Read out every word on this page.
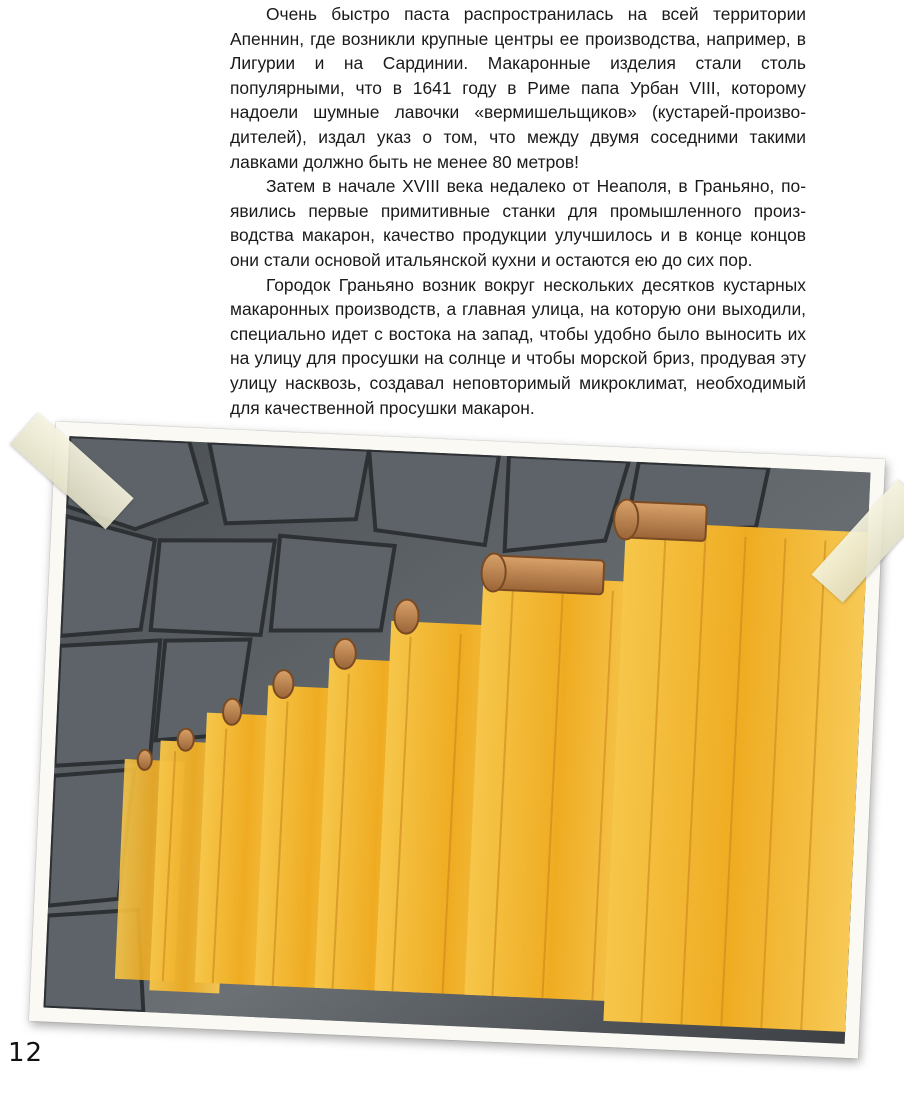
Очень быстро паста распространилась на всей территории Апеннин, где возникли крупные центры ее производства, например, в Лигурии и на Сардинии. Макаронные изделия стали столь популярными, что в 1641 году в Риме папа Урбан VIII, которому надоели шумные лавочки «вермишельщиков» (кустарей-производителей), издал указ о том, что между двумя соседними такими лавками должно быть не менее 80 метров!

Затем в начале XVIII века недалеко от Неаполя, в Граньяно, появились первые примитивные станки для промышленного производства макарон, качество продукции улучшилось и в конце концов они стали основой итальянской кухни и остаются ею до сих пор.

Городок Граньяно возник вокруг нескольких десятков кустарных макаронных производств, а главная улица, на которую они выходили, специально идет с востока на запад, чтобы удобно было выносить их на улицу для просушки на солнце и чтобы морской бриз, продувая эту улицу насквозь, создавал неповторимый микроклимат, необходимый для качественной просушки макарон.

12
